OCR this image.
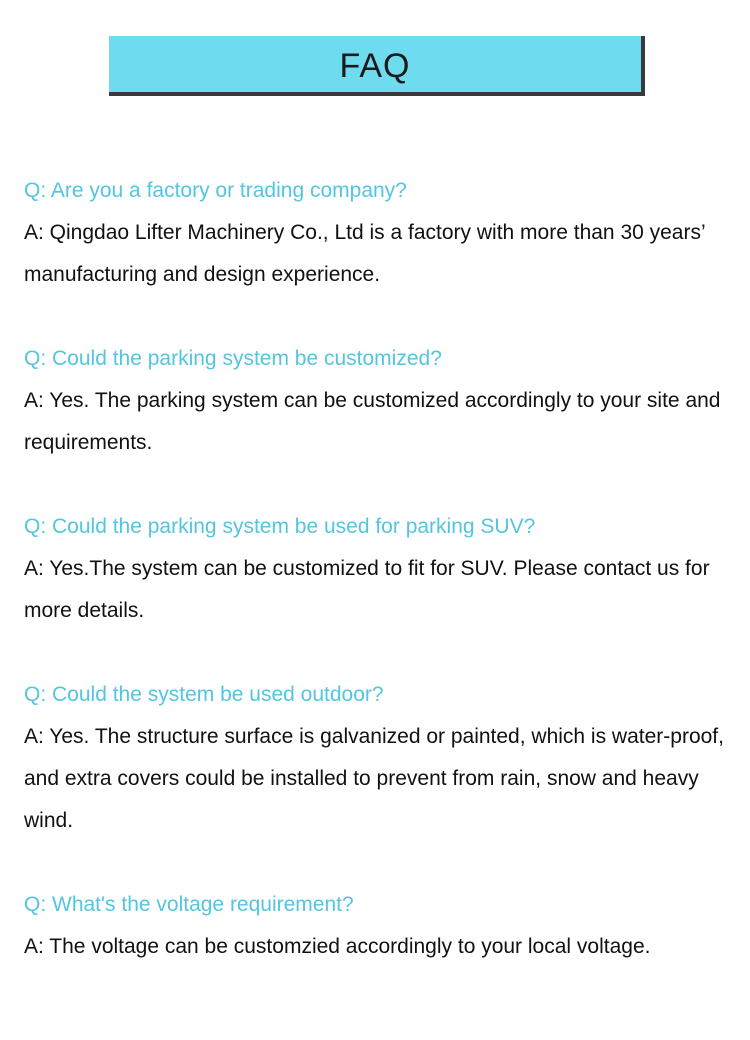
FAQ
Q: Are you a factory or trading company?
A: Qingdao Lifter Machinery Co., Ltd is a factory with more than 30 years’ manufacturing and design experience.
Q: Could the parking system be customized?
A: Yes. The parking system can be customized accordingly to your site and requirements.
Q: Could the parking system be used for parking SUV?
A: Yes.The system can be customized to fit for SUV. Please contact us for more details.
Q: Could the system be used outdoor?
A: Yes. The structure surface is galvanized or painted, which is water-proof, and extra covers could be installed to prevent from rain, snow and heavy wind.
Q: What's the voltage requirement?
A: The voltage can be customzied accordingly to your local voltage.
